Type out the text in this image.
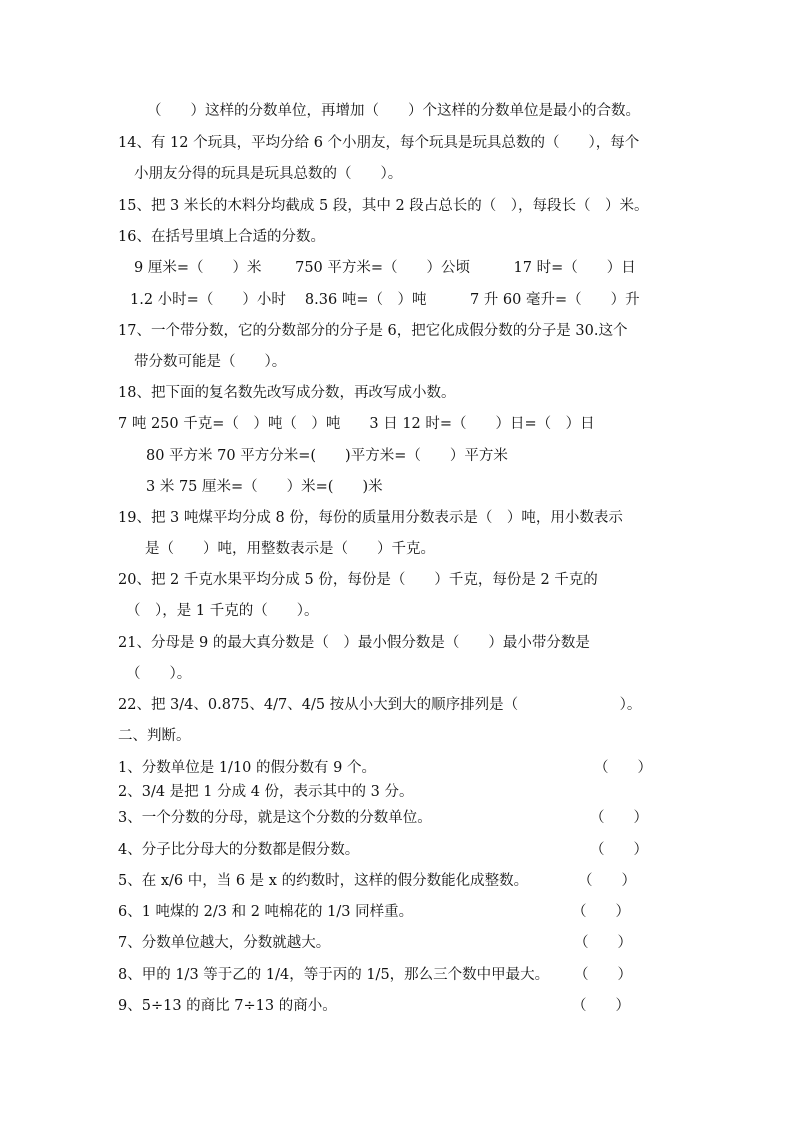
（　　）这样的分数单位，再增加（　　）个这样的分数单位是最小的合数。
14、有 12 个玩具，平均分给 6 个小朋友，每个玩具是玩具总数的（　　），每个
小朋友分得的玩具是玩具总数的（　　）。
15、把 3 米长的木料分均截成 5 段，其中 2 段占总长的（　），每段长（　）米。
16、在括号里填上合适的分数。
9 厘米=（　　）米　　 750 平方米=（　　）公顷　　　17 时=（　　）日
1.2 小时=（　　）小时　 8.36 吨=（　）吨　　　7 升 60 毫升=（　　）升
17、一个带分数，它的分数部分的分子是 6，把它化成假分数的分子是 30.这个
带分数可能是（　　）。
18、把下面的复名数先改写成分数，再改写成小数。
7 吨 250 千克=（　）吨（　）吨　　3 日 12 时=（　　）日=（　）日
80 平方米 70 平方分米=(　　)平方米=（　　）平方米
3 米 75 厘米=（　　）米=(　　)米
19、把 3 吨煤平均分成 8 份，每份的质量用分数表示是（　）吨，用小数表示
是（　　）吨，用整数表示是（　　）千克。
20、把 2 千克水果平均分成 5 份，每份是（　　）千克，每份是 2 千克的
（　），是 1 千克的（　　）。
21、分母是 9 的最大真分数是（　）最小假分数是（　　）最小带分数是
（　　）。
22、把 3/4、0.875、4/7、4/5 按从小大到大的顺序排列是（　　　　　　　）。
二、判断。
1、分数单位是 1/10 的假分数有 9 个。	（　　）
2、3/4 是把 1 分成 4 份，表示其中的 3 分。
3、一个分数的分母，就是这个分数的分数单位。	（　　）
4、分子比分母大的分数都是假分数。	（　　）
5、在 x/6 中，当 6 是 x 的约数时，这样的假分数能化成整数。	（　　）
6、1 吨煤的 2/3 和 2 吨棉花的 1/3 同样重。	（　　）
7、分数单位越大，分数就越大。	（　　）
8、甲的 1/3 等于乙的 1/4，等于丙的 1/5，那么三个数中甲最大。 （　　）
9、5÷13 的商比 7÷13 的商小。	（　　）
